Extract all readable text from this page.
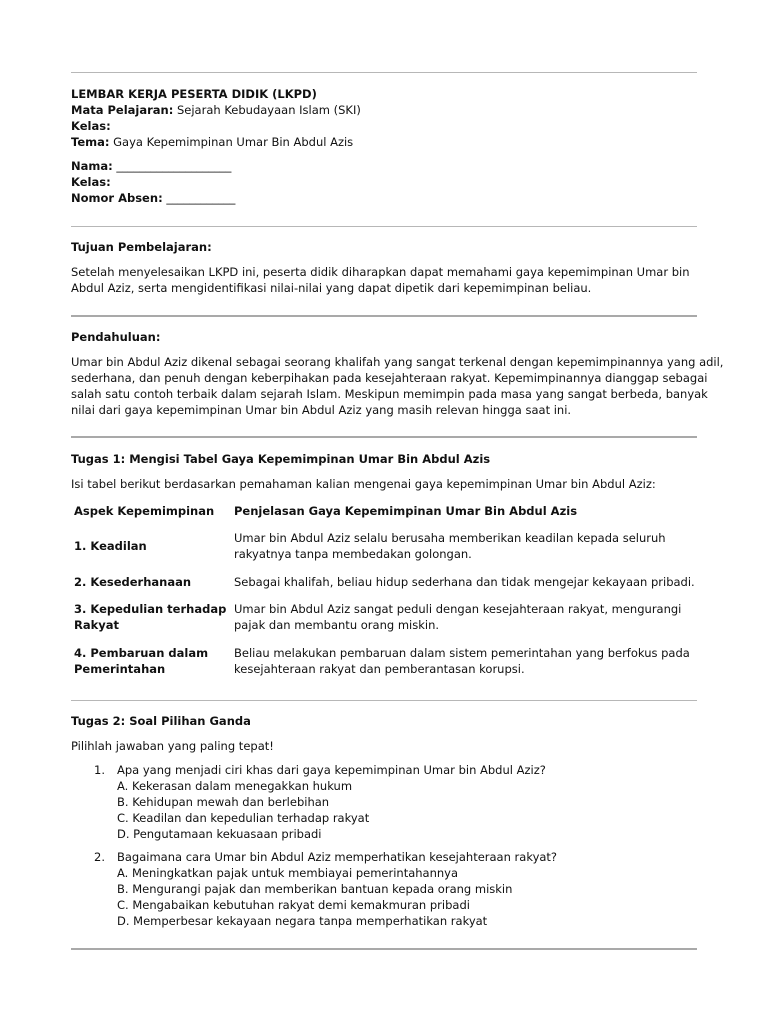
LEMBAR KERJA PESERTA DIDIK (LKPD)

Mata Pelajaran: Sejarah Kebudayaan Islam (SKI)

Kelas:

Tema: Gaya Kepemimpinan Umar Bin Abdul Azis

Nama: ____________________

Kelas:

Nomor Absen: ____________

Tujuan Pembelajaran:

Setelah menyelesaikan LKPD ini, peserta didik diharapkan dapat memahami gaya kepemimpinan Umar bin

Abdul Aziz, serta mengidentifikasi nilai-nilai yang dapat dipetik dari kepemimpinan beliau.

Pendahuluan:

Umar bin Abdul Aziz dikenal sebagai seorang khalifah yang sangat terkenal dengan kepemimpinannya yang adil,

sederhana, dan penuh dengan keberpihakan pada kesejahteraan rakyat. Kepemimpinannya dianggap sebagai

salah satu contoh terbaik dalam sejarah Islam. Meskipun memimpin pada masa yang sangat berbeda, banyak

nilai dari gaya kepemimpinan Umar bin Abdul Aziz yang masih relevan hingga saat ini.

Tugas 1: Mengisi Tabel Gaya Kepemimpinan Umar Bin Abdul Azis

Isi tabel berikut berdasarkan pemahaman kalian mengenai gaya kepemimpinan Umar bin Abdul Aziz:

Aspek Kepemimpinan	Penjelasan Gaya Kepemimpinan Umar Bin Abdul Azis
1. Keadilan

Umar bin Abdul Aziz selalu berusaha memberikan keadilan kepada seluruh

rakyatnya tanpa membedakan golongan.

2. Kesederhanaan	Sebagai khalifah, beliau hidup sederhana dan tidak mengejar kekayaan pribadi.

3. Kepedulian terhadap

Rakyat

Umar bin Abdul Aziz sangat peduli dengan kesejahteraan rakyat, mengurangi

pajak dan membantu orang miskin.

4. Pembaruan dalam

Pemerintahan

Beliau melakukan pembaruan dalam sistem pemerintahan yang berfokus pada

kesejahteraan rakyat dan pemberantasan korupsi.

Tugas 2: Soal Pilihan Ganda

Pilihlah jawaban yang paling tepat!

1. Apa yang menjadi ciri khas dari gaya kepemimpinan Umar bin Abdul Aziz?
A. Kekerasan dalam menegakkan hukum
B. Kehidupan mewah dan berlebihan
C. Keadilan dan kepedulian terhadap rakyat
D. Pengutamaan kekuasaan pribadi
2. Bagaimana cara Umar bin Abdul Aziz memperhatikan kesejahteraan rakyat?
A. Meningkatkan pajak untuk membiayai pemerintahannya
B. Mengurangi pajak dan memberikan bantuan kepada orang miskin
C. Mengabaikan kebutuhan rakyat demi kemakmuran pribadi
D. Memperbesar kekayaan negara tanpa memperhatikan rakyat
